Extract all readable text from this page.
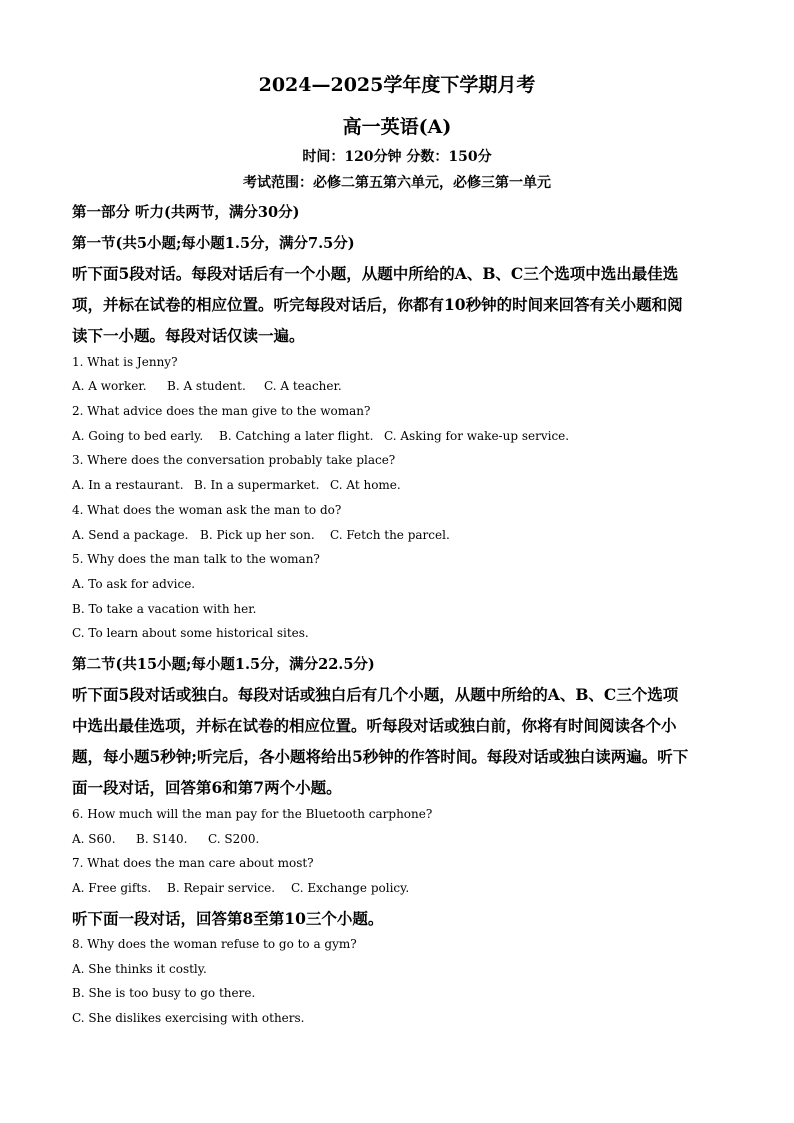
2024—2025学年度下学期月考
高一英语(A)
时间：120分钟 分数：150分
考试范围：必修二第五第六单元，必修三第一单元
第一部分 听力(共两节，满分30分)
第一节(共5小题;每小题1.5分，满分7.5分)
听下面5段对话。每段对话后有一个小题，从题中所给的A、B、C三个选项中选出最佳选
项，并标在试卷的相应位置。听完每段对话后，你都有10秒钟的时间来回答有关小题和阅
读下一小题。每段对话仅读一遍。
1. What is Jenny?
A. A worker. B. A student. C. A teacher.
2. What advice does the man give to the woman?
A. Going to bed early. B. Catching a later flight. C. Asking for wake-up service.
3. Where does the conversation probably take place?
A. In a restaurant. B. In a supermarket. C. At home.
4. What does the woman ask the man to do?
A. Send a package. B. Pick up her son. C. Fetch the parcel.
5. Why does the man talk to the woman?
A. To ask for advice.
B. To take a vacation with her.
C. To learn about some historical sites.
第二节(共15小题;每小题1.5分，满分22.5分)
听下面5段对话或独白。每段对话或独白后有几个小题，从题中所给的A、B、C三个选项
中选出最佳选项，并标在试卷的相应位置。听每段对话或独白前，你将有时间阅读各个小
题，每小题5秒钟;听完后，各小题将给出5秒钟的作答时间。每段对话或独白读两遍。听下
面一段对话，回答第6和第7两个小题。
6. How much will the man pay for the Bluetooth carphone?
A. S60. B. S140. C. S200.
7. What does the man care about most?
A. Free gifts. B. Repair service. C. Exchange policy.
听下面一段对话，回答第8至第10三个小题。
8. Why does the woman refuse to go to a gym?
A. She thinks it costly.
B. She is too busy to go there.
C. She dislikes exercising with others.
